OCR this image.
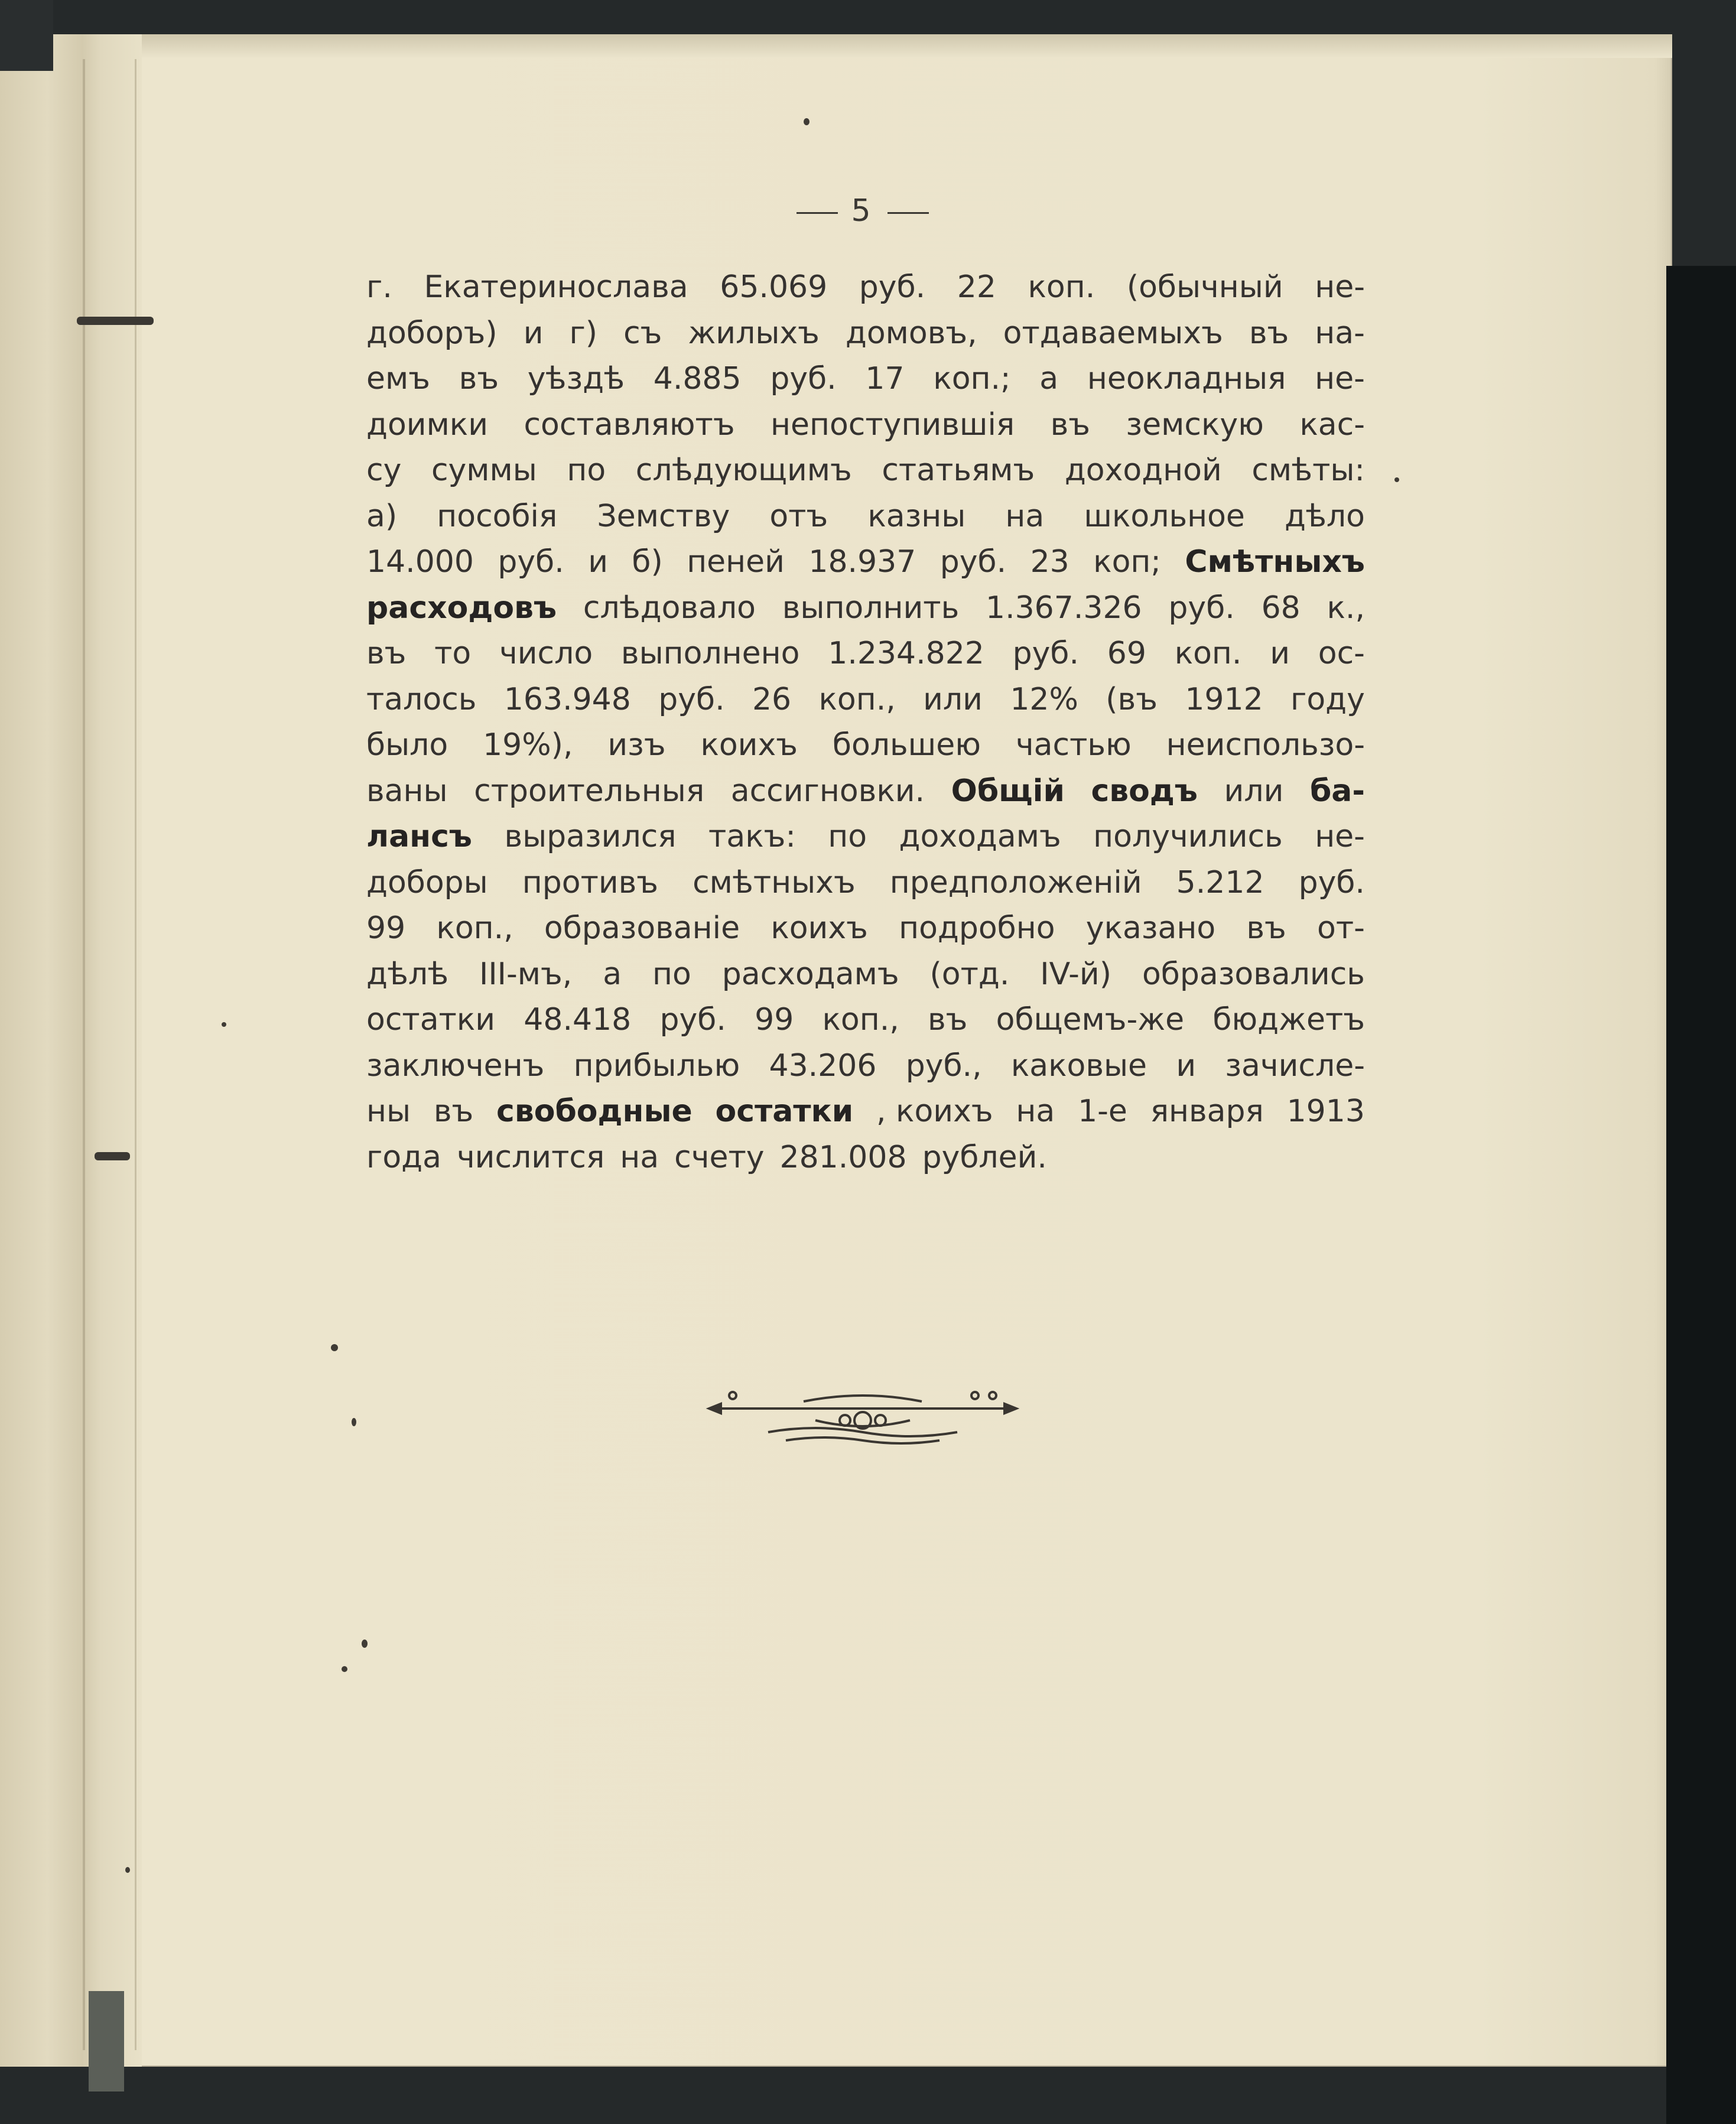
5
г. Екатеринослава 65.069 руб. 22 коп. (обычный не-
доборъ) и г) съ жилыхъ домовъ, отдаваемыхъ въ на-
емъ въ уѣздѣ 4.885 руб. 17 коп.; а неокладныя не-
доимки составляютъ непоступившія въ земскую кас-
су суммы по слѣдующимъ статьямъ доходной смѣты:
а) пособія Земству отъ казны на школьное дѣло
14.000 руб. и б) пеней 18.937 руб. 23 коп; Смѣтныхъ
расходовъ слѣдовало выполнить 1.367.326 руб. 68 к.,
въ то число выполнено 1.234.822 руб. 69 коп. и ос-
талось 163.948 руб. 26 коп., или 12% (въ 1912 году
было 19%), изъ коихъ большею частью неиспользо-
ваны строительныя ассигновки. Общій сводъ или ба-
лансъ выразился такъ: по доходамъ получились не-
доборы противъ смѣтныхъ предположеній 5.212 руб.
99 коп., образованіе коихъ подробно указано въ от-
дѣлѣ III-мъ, а по расходамъ (отд. IV-й) образовались
остатки 48.418 руб. 99 коп., въ общемъ-же бюджетъ
заключенъ прибылью 43.206 руб., каковые и зачисле-
ны въ свободные остатки , коихъ на 1-е января 1913
года числится на счету 281.008 рублей.
